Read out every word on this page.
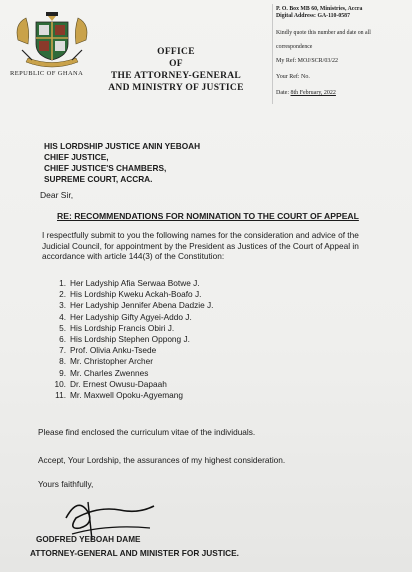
REPUBLIC OF GHANA
OFFICE
OF
THE ATTORNEY-GENERAL
AND MINISTRY OF JUSTICE
P. O. Box MB 60, Ministries, Accra
Digital Address: GA-110-0587
Kindly quote this number and date on all correspondence
My Ref: MOJ/SCR/03/22
Your Ref: No.
Date: 8th February, 2022
HIS LORDSHIP JUSTICE ANIN YEBOAH
CHIEF JUSTICE,
CHIEF JUSTICE'S CHAMBERS,
SUPREME COURT, ACCRA.
Dear Sir,
RE: RECOMMENDATIONS FOR NOMINATION TO THE COURT OF APPEAL
I respectfully submit to you the following names for the consideration and advice of the Judicial Council, for appointment by the President as Justices of the Court of Appeal in accordance with article 144(3) of the Constitution:
1. Her Ladyship Afia Serwaa Botwe J.
2. His Lordship Kweku Ackah-Boafo J.
3. Her Ladyship Jennifer Abena Dadzie J.
4. Her Ladyship Gifty Agyei-Addo J.
5. His Lordship Francis Obiri J.
6. His Lordship Stephen Oppong J.
7. Prof. Olivia Anku-Tsede
8. Mr. Christopher Archer
9. Mr. Charles Zwennes
10. Dr. Ernest Owusu-Dapaah
11. Mr. Maxwell Opoku-Agyemang
Please find enclosed the curriculum vitae of the individuals.
Accept, Your Lordship, the assurances of my highest consideration.
Yours faithfully,
GODFRED YEBOAH DAME
ATTORNEY-GENERAL AND MINISTER FOR JUSTICE.
